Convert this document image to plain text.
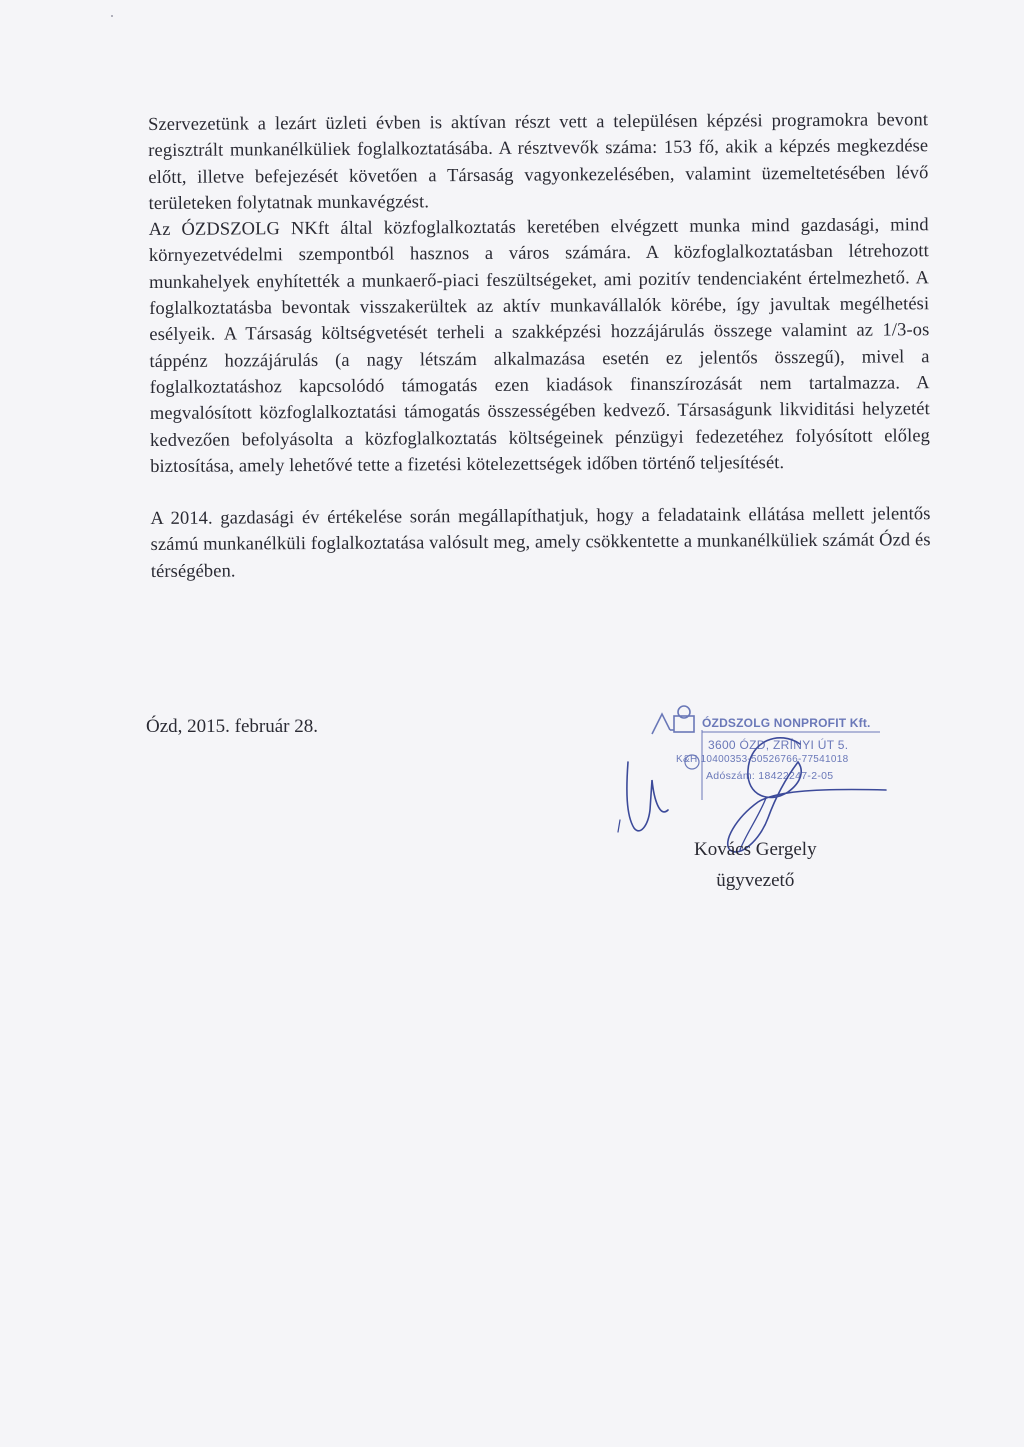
Szervezetünk a lezárt üzleti évben is aktívan részt vett a településen képzési programokra bevont regisztrált munkanélküliek foglalkoztatásába. A résztvevők száma: 153 fő, akik a képzés megkezdése előtt, illetve befejezését követően a Társaság vagyonkezelésében, valamint üzemeltetésében lévő területeken folytatnak munkavégzést.

Az ÓZDSZOLG NKft által közfoglalkoztatás keretében elvégzett munka mind gazdasági, mind környezetvédelmi szempontból hasznos a város számára. A közfoglalkoztatásban létrehozott munkahelyek enyhítették a munkaerő-piaci feszültségeket, ami pozitív tendenciaként értelmezhető. A foglalkoztatásba bevontak visszakerültek az aktív munkavállalók körébe, így javultak megélhetési esélyeik. A Társaság költségvetését terheli a szakképzési hozzájárulás összege valamint az 1/3-os táppénz hozzájárulás (a nagy létszám alkalmazása esetén ez jelentős összegű), mivel a foglalkoztatáshoz kapcsolódó támogatás ezen kiadások finanszírozását nem tartalmazza. A megvalósított közfoglalkoztatási támogatás összességében kedvező. Társaságunk likviditási helyzetét kedvezően befolyásolta a közfoglalkoztatás költségeinek pénzügyi fedezetéhez folyósított előleg biztosítása, amely lehetővé tette a fizetési kötelezettségek időben történő teljesítését.

A 2014. gazdasági év értékelése során megállapíthatjuk, hogy a feladataink ellátása mellett jelentős számú munkanélküli foglalkoztatása valósult meg, amely csökkentette a munkanélküliek számát Ózd és térségében.

Ózd, 2015. február 28.	ÓZDSZOLG NONPROFIT Kft.
3600 ÓZD, ZRÍNYI ÚT 5.
K&H 10400353-50526766-77541018
Adószám: 18422247-2-05
Kovács Gergely
ügyvezető
